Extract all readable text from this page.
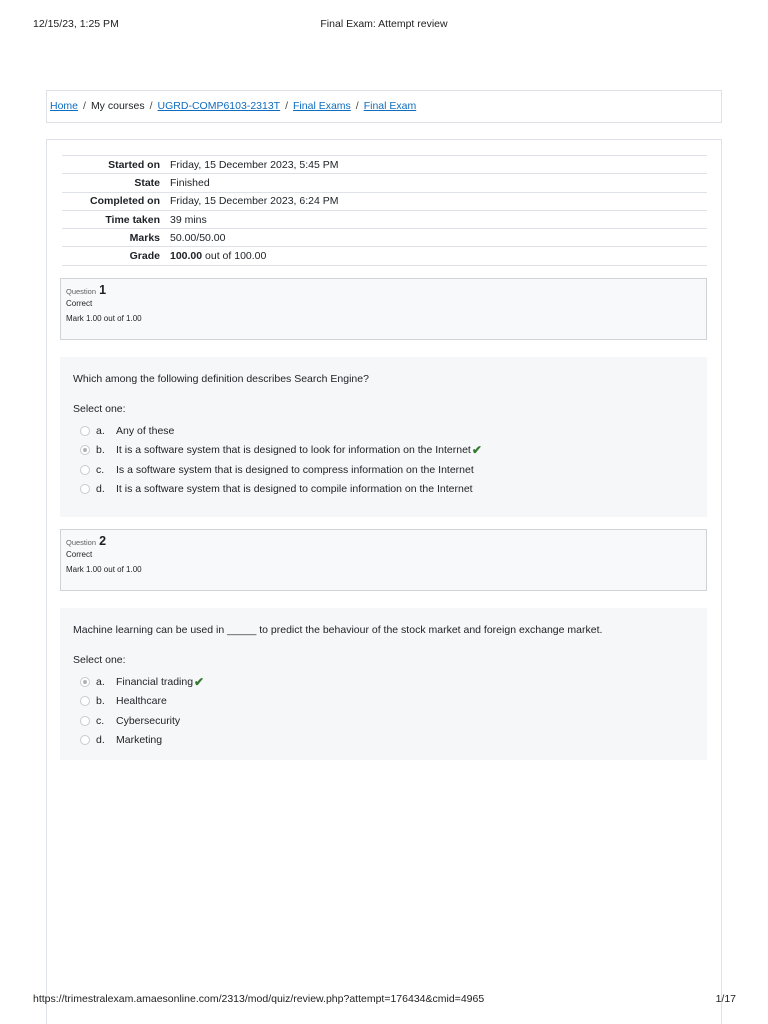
12/15/23, 1:25 PM	Final Exam: Attempt review
Home / My courses / UGRD-COMP6103-2313T / Final Exams / Final Exam
Started on	Friday, 15 December 2023, 5:45 PM
State	Finished
Completed on	Friday, 15 December 2023, 6:24 PM
Time taken	39 mins
Marks	50.00/50.00
Grade	100.00 out of 100.00
Question 1
Correct
Mark 1.00 out of 1.00
Which among the following definition describes Search Engine?
Select one:
a.	Any of these
b.	It is a software system that is designed to look for information on the Internet ✔
c.	Is a software system that is designed to compress information on the Internet
d.	It is a software system that is designed to compile information on the Internet
Question 2
Correct
Mark 1.00 out of 1.00
Machine learning can be used in _____ to predict the behaviour of the stock market and foreign exchange market.
Select one:
a.	Financial trading ✔
b.	Healthcare
c.	Cybersecurity
d.	Marketing
https://trimestralexam.amaesonline.com/2313/mod/quiz/review.php?attempt=176434&cmid=4965	1/17
